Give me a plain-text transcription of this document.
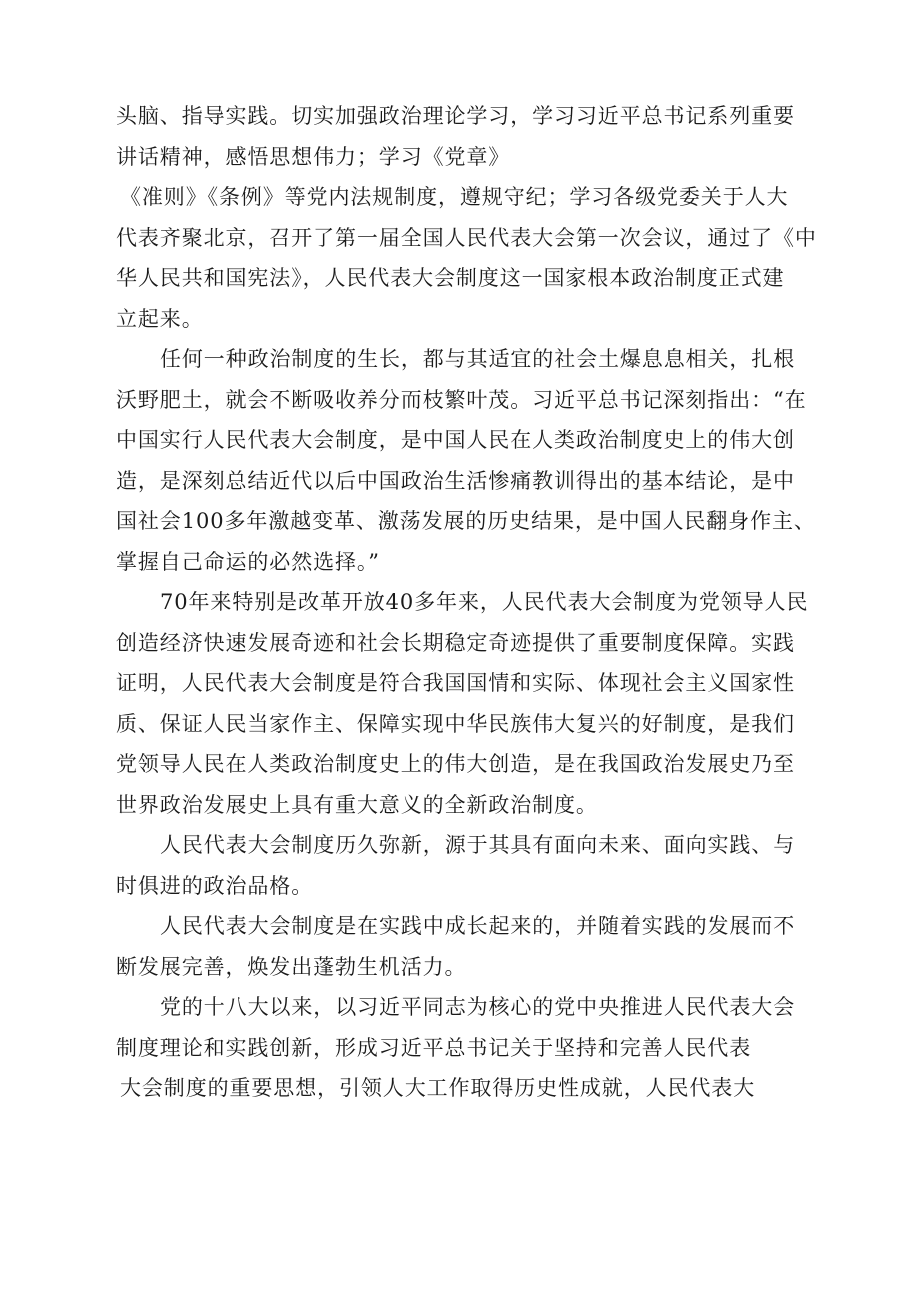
头脑、指导实践。切实加强政治理论学习，学习习近平总书记系列重要
讲话精神，感悟思想伟力；学习《党章》
《准则》《条例》等党内法规制度，遵规守纪；学习各级党委关于人大
代表齐聚北京，召开了第一届全国人民代表大会第一次会议，通过了《中
华人民共和国宪法》，人民代表大会制度这一国家根本政治制度正式建
立起来。
任何一种政治制度的生长，都与其适宜的社会土爆息息相关，扎根
沃野肥土，就会不断吸收养分而枝繁叶茂。习近平总书记深刻指出：“在
中国实行人民代表大会制度，是中国人民在人类政治制度史上的伟大创
造，是深刻总结近代以后中国政治生活惨痛教训得出的基本结论，是中
国社会100多年激越变革、激荡发展的历史结果，是中国人民翻身作主、
掌握自己命运的必然选择。”
70年来特别是改革开放40多年来，人民代表大会制度为党领导人民
创造经济快速发展奇迹和社会长期稳定奇迹提供了重要制度保障。实践
证明，人民代表大会制度是符合我国国情和实际、体现社会主义国家性
质、保证人民当家作主、保障实现中华民族伟大复兴的好制度，是我们
党领导人民在人类政治制度史上的伟大创造，是在我国政治发展史乃至
世界政治发展史上具有重大意义的全新政治制度。
人民代表大会制度历久弥新，源于其具有面向未来、面向实践、与
时俱进的政治品格。
人民代表大会制度是在实践中成长起来的，并随着实践的发展而不
断发展完善，焕发出蓬勃生机活力。
党的十八大以来，以习近平同志为核心的党中央推进人民代表大会
制度理论和实践创新，形成习近平总书记关于坚持和完善人民代表
大会制度的重要思想，引领人大工作取得历史性成就，人民代表大
